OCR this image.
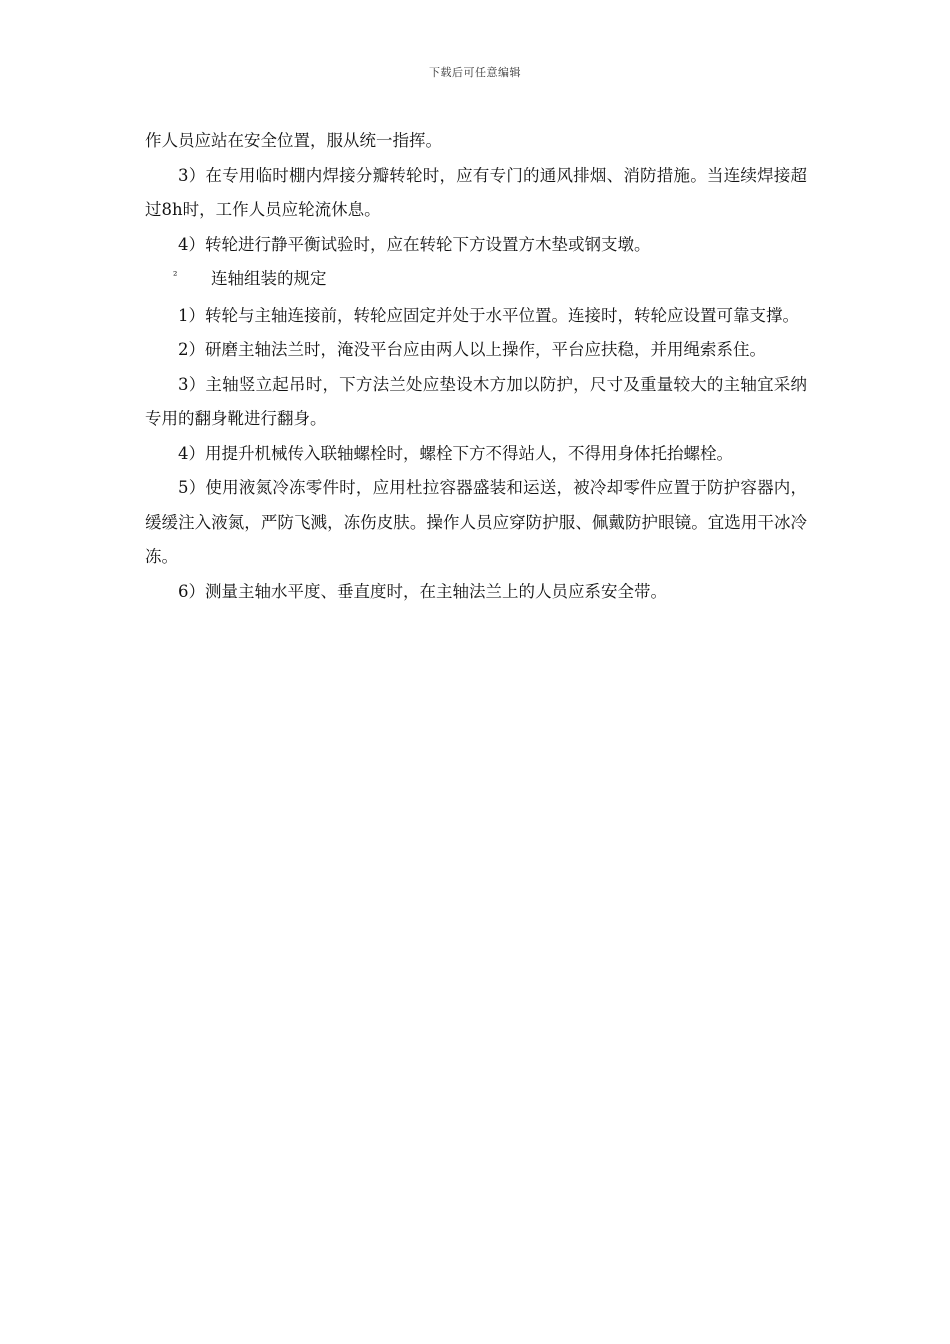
下载后可任意编辑

作人员应站在安全位置，服从统一指挥。

3）在专用临时棚内焊接分瓣转轮时，应有专门的通风排烟、消防措施。当连续焊接超过8h时，工作人员应轮流休息。

4）转轮进行静平衡试验时，应在转轮下方设置方木垫或钢支墩。

²	连轴组装的规定

1）转轮与主轴连接前，转轮应固定并处于水平位置。连接时，转轮应设置可靠支撑。

2）研磨主轴法兰时，淹没平台应由两人以上操作，平台应扶稳，并用绳索系住。

3）主轴竖立起吊时，下方法兰处应垫设木方加以防护，尺寸及重量较大的主轴宜采纳专用的翻身靴进行翻身。

4）用提升机械传入联轴螺栓时，螺栓下方不得站人，不得用身体托抬螺栓。

5）使用液氮冷冻零件时，应用杜拉容器盛装和运送，被冷却零件应置于防护容器内，缓缓注入液氮，严防飞溅，冻伤皮肤。操作人员应穿防护服、佩戴防护眼镜。宜选用干冰冷冻。

6）测量主轴水平度、垂直度时，在主轴法兰上的人员应系安全带。
